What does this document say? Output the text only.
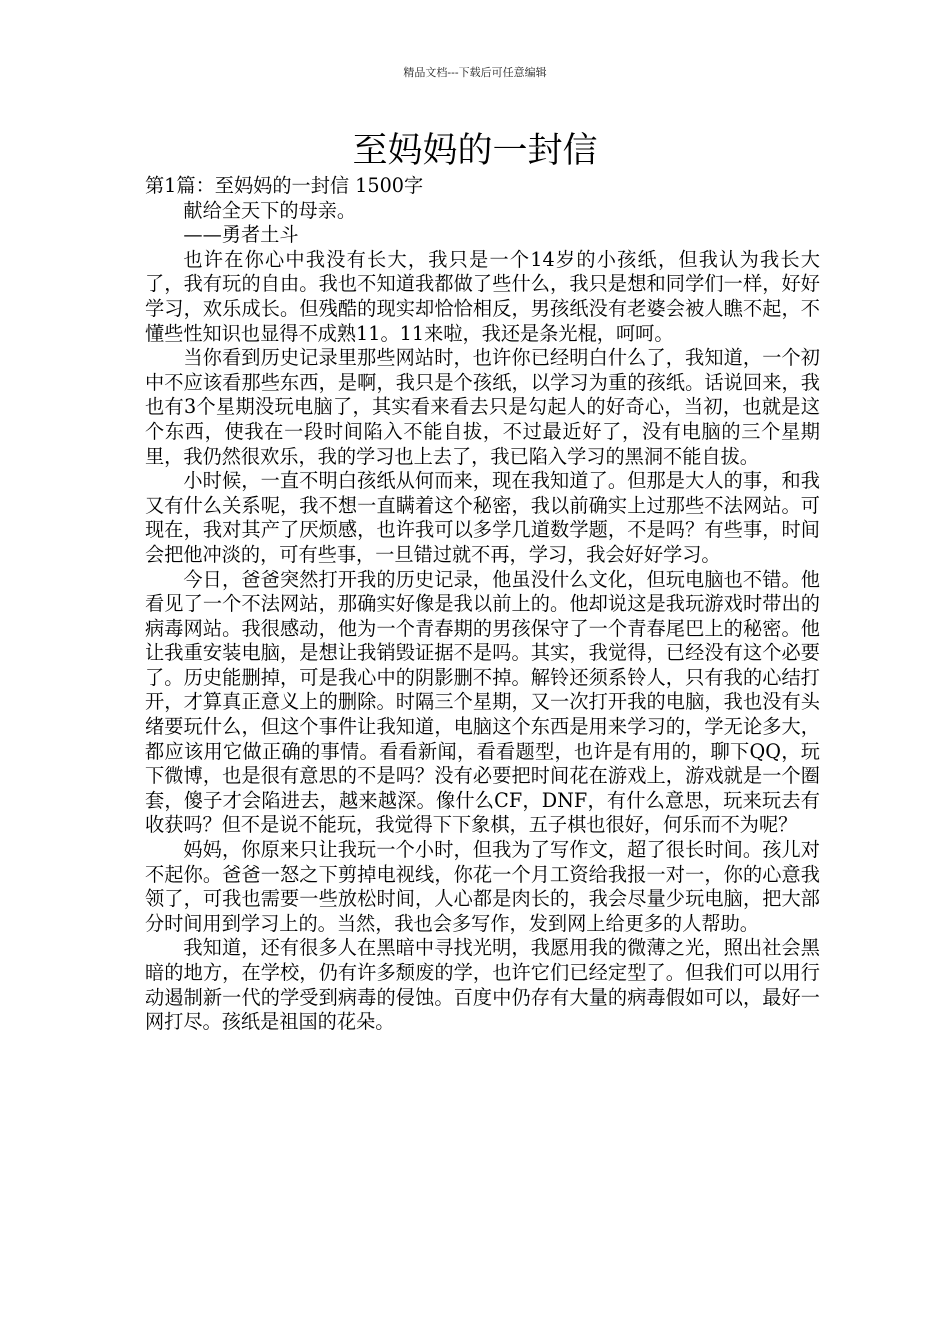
精品文档---下载后可任意编辑
至妈妈的一封信

第1篇：至妈妈的一封信 1500字

献给全天下的母亲。

——勇者土斗

也许在你心中我没有长大，我只是一个14岁的小孩纸，但我认为我长大了，我有玩的自由。我也不知道我都做了些什么，我只是想和同学们一样，好好学习，欢乐成长。但残酷的现实却恰恰相反，男孩纸没有老婆会被人瞧不起，不懂些性知识也显得不成熟11。11来啦，我还是条光棍，呵呵。

当你看到历史记录里那些网站时，也许你已经明白什么了，我知道，一个初中不应该看那些东西，是啊，我只是个孩纸，以学习为重的孩纸。话说回来，我也有3个星期没玩电脑了，其实看来看去只是勾起人的好奇心，当初，也就是这个东西，使我在一段时间陷入不能自拔，不过最近好了，没有电脑的三个星期里，我仍然很欢乐，我的学习也上去了，我已陷入学习的黑洞不能自拔。

小时候，一直不明白孩纸从何而来，现在我知道了。但那是大人的事，和我又有什么关系呢，我不想一直瞒着这个秘密，我以前确实上过那些不法网站。可现在，我对其产了厌烦感，也许我可以多学几道数学题，不是吗？有些事，时间会把他冲淡的，可有些事，一旦错过就不再，学习，我会好好学习。

今日，爸爸突然打开我的历史记录，他虽没什么文化，但玩电脑也不错。他看见了一个不法网站，那确实好像是我以前上的。他却说这是我玩游戏时带出的病毒网站。我很感动，他为一个青春期的男孩保守了一个青春尾巴上的秘密。他让我重安装电脑，是想让我销毁证据不是吗。其实，我觉得，已经没有这个必要了。历史能删掉，可是我心中的阴影删不掉。解铃还须系铃人，只有我的心结打开，才算真正意义上的删除。时隔三个星期，又一次打开我的电脑，我也没有头绪要玩什么，但这个事件让我知道，电脑这个东西是用来学习的，学无论多大，都应该用它做正确的事情。看看新闻，看看题型，也许是有用的，聊下QQ，玩下微博，也是很有意思的不是吗？没有必要把时间花在游戏上，游戏就是一个圈套，傻子才会陷进去，越来越深。像什么CF，DNF，有什么意思，玩来玩去有收获吗？但不是说不能玩，我觉得下下象棋，五子棋也很好，何乐而不为呢？

妈妈，你原来只让我玩一个小时，但我为了写作文，超了很长时间。孩儿对不起你。爸爸一怒之下剪掉电视线，你花一个月工资给我报一对一，你的心意我领了，可我也需要一些放松时间，人心都是肉长的，我会尽量少玩电脑，把大部分时间用到学习上的。当然，我也会多写作，发到网上给更多的人帮助。

我知道，还有很多人在黑暗中寻找光明，我愿用我的微薄之光，照出社会黑暗的地方，在学校，仍有许多颓废的学，也许它们已经定型了。但我们可以用行动遏制新一代的学受到病毒的侵蚀。百度中仍存有大量的病毒假如可以，最好一网打尽。孩纸是祖国的花朵。
